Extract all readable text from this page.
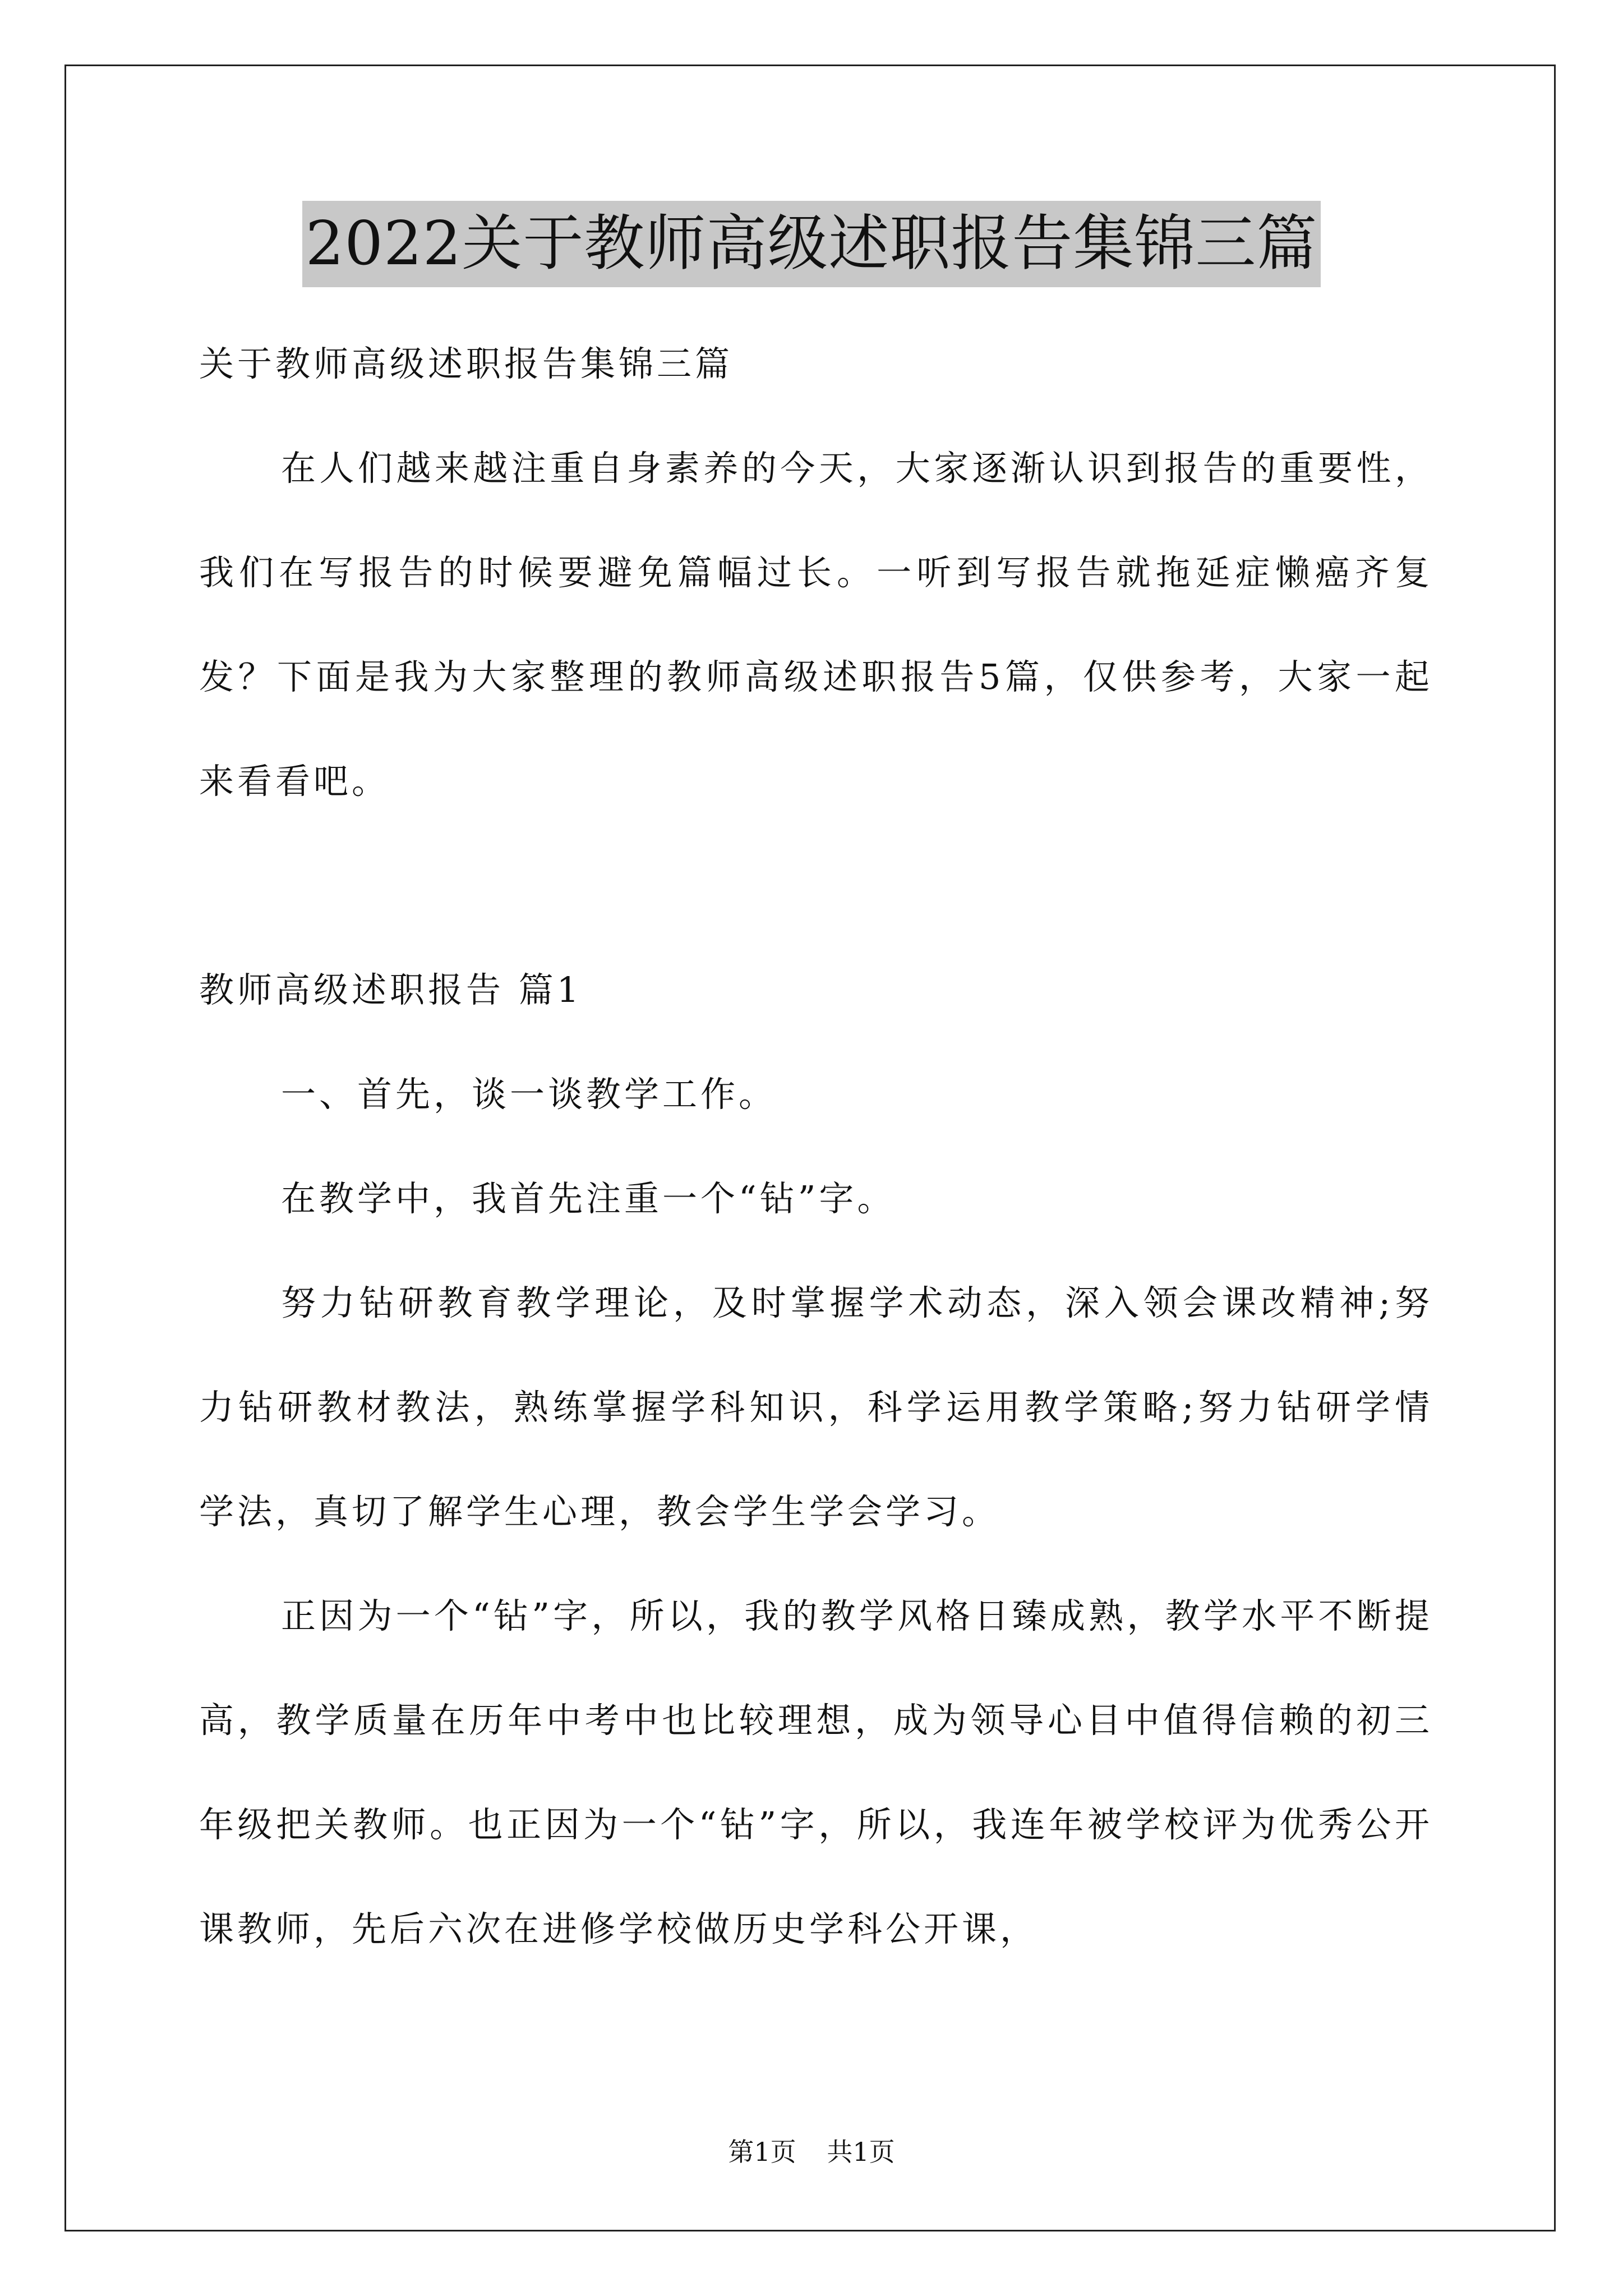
2022关于教师高级述职报告集锦三篇

关于教师高级述职报告集锦三篇

在人们越来越注重自身素养的今天，大家逐渐认识到报告的重要性，我们在写报告的时候要避免篇幅过长。一听到写报告就拖延症懒癌齐复发？下面是我为大家整理的教师高级述职报告5篇，仅供参考，大家一起来看看吧。

教师高级述职报告 篇1

一、首先，谈一谈教学工作。

在教学中，我首先注重一个“钻”字。

努力钻研教育教学理论，及时掌握学术动态，深入领会课改精神;努力钻研教材教法，熟练掌握学科知识，科学运用教学策略;努力钻研学情学法，真切了解学生心理，教会学生学会学习。

正因为一个“钻”字，所以，我的教学风格日臻成熟，教学水平不断提高，教学质量在历年中考中也比较理想，成为领导心目中值得信赖的初三年级把关教师。也正因为一个“钻”字，所以，我连年被学校评为优秀公开课教师，先后六次在进修学校做历史学科公开课，

第1页 共1页
